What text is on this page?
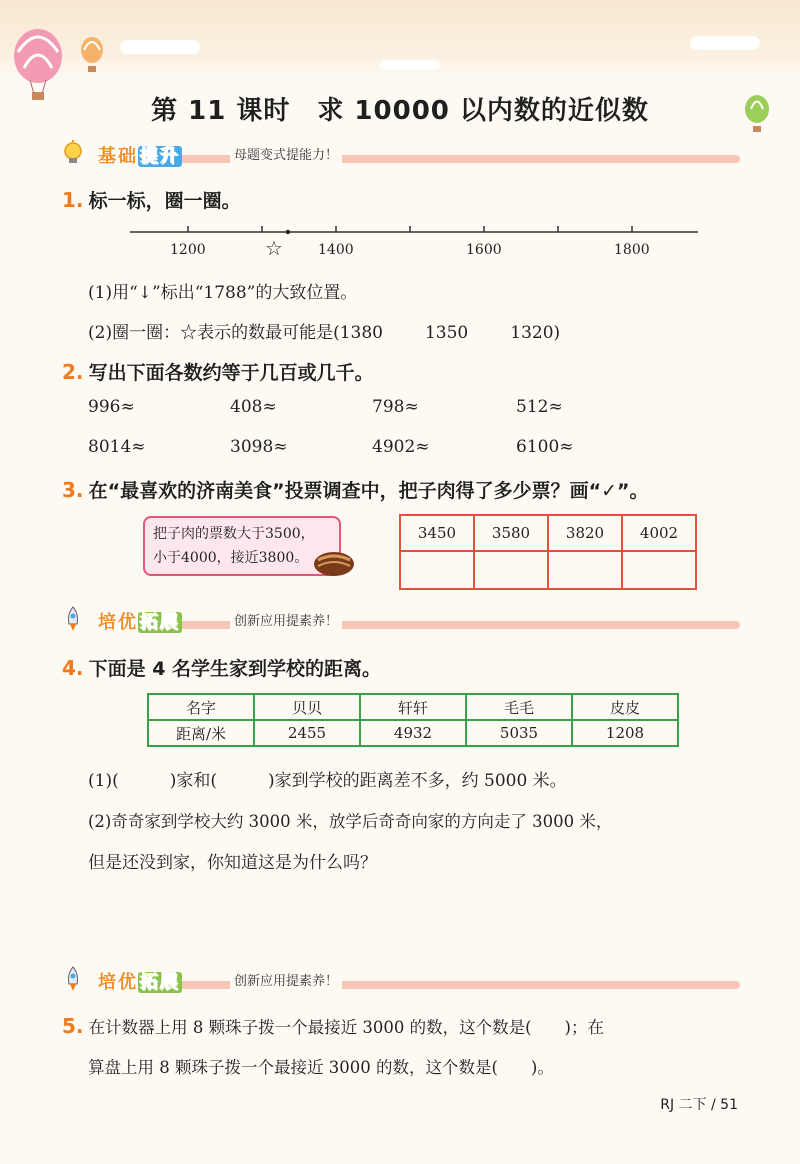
第 11 课时　求 10000 以内数的近似数
基础 提升	母题变式提能力！
1. 标一标，圈一圈。
1200	☆	1400	1600	1800
(1)用“↓”标出“1788”的大致位置。
(2)圈一圈：☆表示的数最可能是(1380 1350 1320)
2. 写出下面各数约等于几百或几千。
996≈	408≈	798≈	512≈
8014≈	3098≈	4902≈	6100≈
3. 在“最喜欢的济南美食”投票调查中，把子肉得了多少票？画“✓”。
把子肉的票数大于3500，
小于4000，接近3800。
3450	3580	3820	4002

培优 拓展	创新应用提素养！
4. 下面是 4 名学生家到学校的距离。
名字	贝贝	轩轩	毛毛	皮皮
距离/米	2455	4932	5035	1208
(1)(　　　)家和(　　　)家到学校的距离差不多，约 5000 米。
(2)奇奇家到学校大约 3000 米，放学后奇奇向家的方向走了 3000 米，
但是还没到家，你知道这是为什么吗？
培优 拓展	创新应用提素养！
5. 在计数器上用 8 颗珠子拨一个最接近 3000 的数，这个数是(　　)；在
算盘上用 8 颗珠子拨一个最接近 3000 的数，这个数是(　　)。
RJ 二下 / 51
